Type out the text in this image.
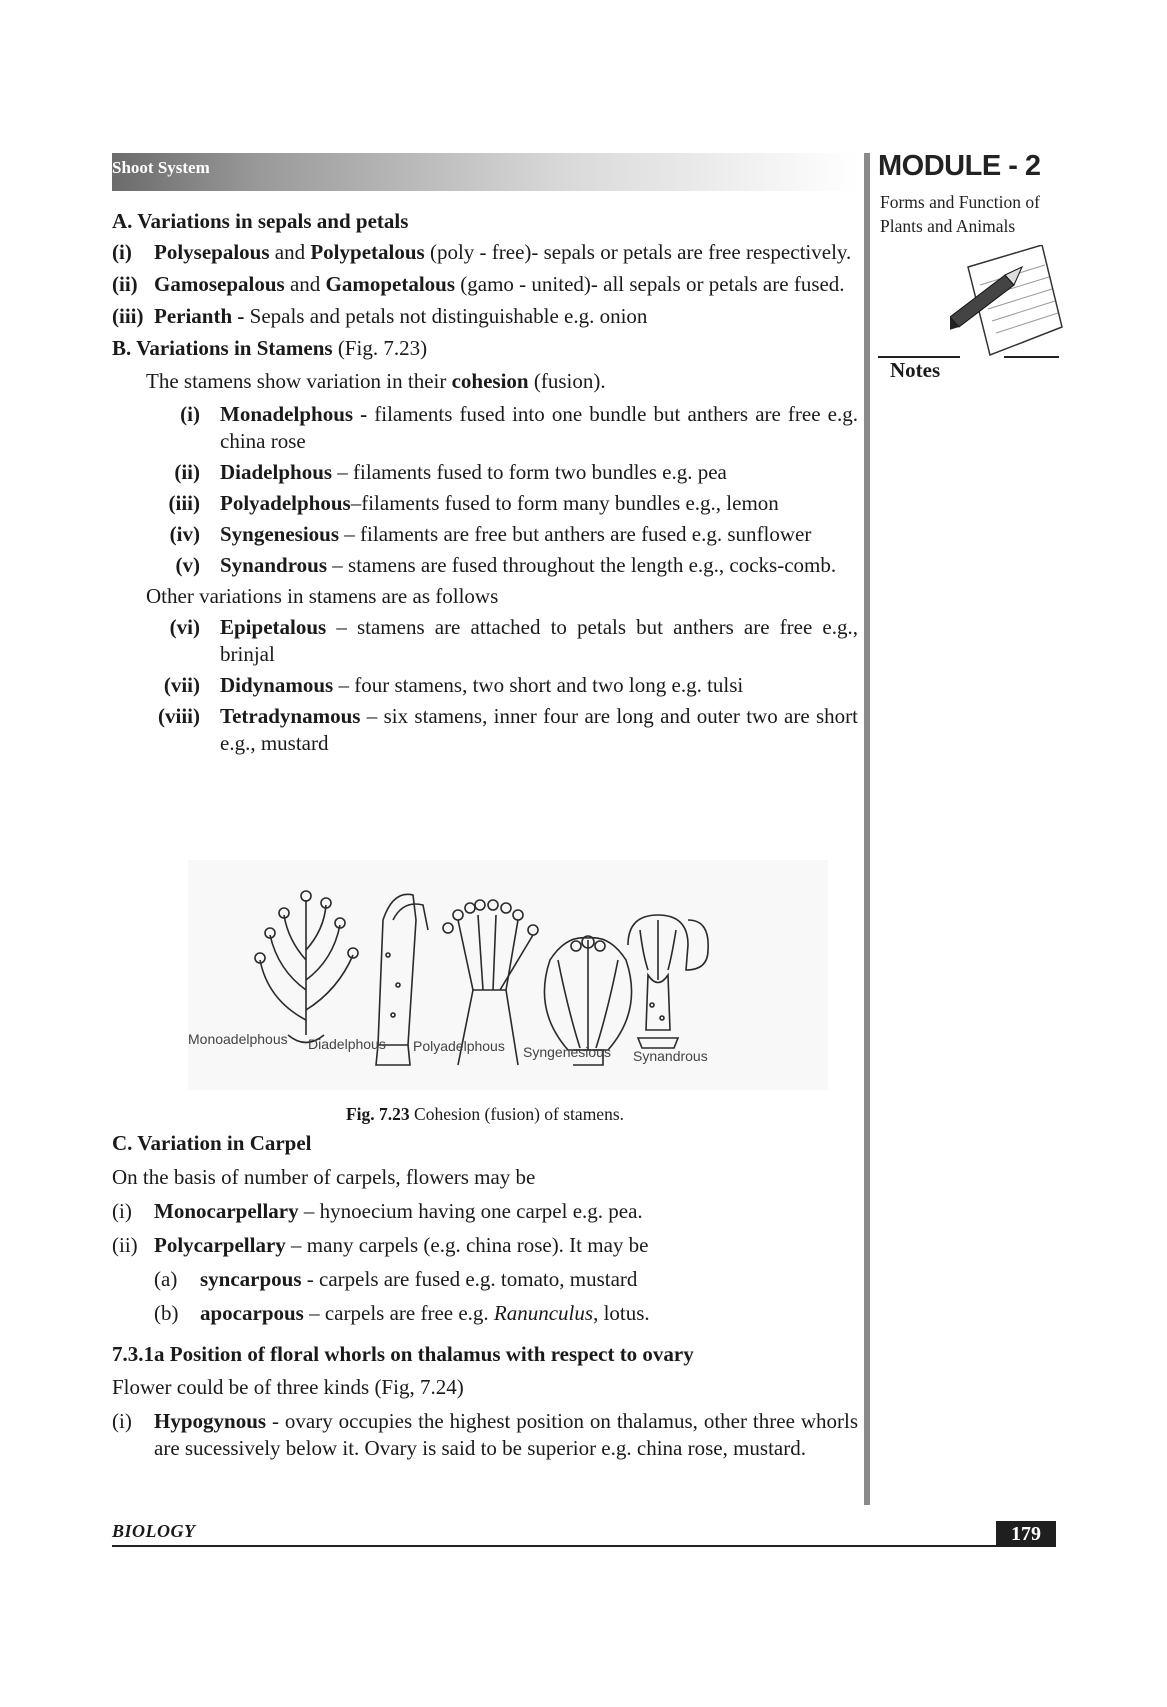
Shoot System	MODULE - 2
Forms and Function of Plants and Animals
Notes

A. Variations in sepals and petals

(i)	Polysepalous and Polypetalous (poly - free)- sepals or petals are free respectively.
(ii) Gamosepalous and Gamopetalous (gamo - united)- all sepals or petals are fused.
(iii) Perianth - Sepals and petals not distinguishable e.g. onion

B. Variations in Stamens (Fig. 7.23)

The stamens show variation in their cohesion (fusion).
(i) Monadelphous - filaments fused into one bundle but anthers are free e.g. china rose
(ii) Diadelphous – filaments fused to form two bundles e.g. pea
(iii) Polyadelphous–filaments fused to form many bundles e.g., lemon
(iv) Syngenesious – filaments are free but anthers are fused e.g. sunflower
(v) Synandrous – stamens are fused throughout the length e.g., cocks-comb.
Other variations in stamens are as follows
(vi) Epipetalous – stamens are attached to petals but anthers are free e.g., brinjal
(vii) Didynamous – four stamens, two short and two long e.g. tulsi
(viii) Tetradynamous – six stamens, inner four are long and outer two are short e.g., mustard
Monoadelphous Diadelphous Polyadelphous Syngenesious Synandrous
Fig. 7.23 Cohesion (fusion) of stamens.

C. Variation in Carpel

On the basis of number of carpels, flowers may be
(i)	Monocarpellary – hynoecium having one carpel e.g. pea.
(ii) Polycarpellary – many carpels (e.g. china rose). It may be
(a)	syncarpous - carpels are fused e.g. tomato, mustard
(b)	apocarpous – carpels are free e.g. Ranunculus, lotus.

7.3.1a Position of floral whorls on thalamus with respect to ovary

Flower could be of three kinds (Fig, 7.24)
(i)	Hypogynous - ovary occupies the highest position on thalamus, other three whorls are sucessively below it. Ovary is said to be superior e.g. china rose, mustard.
BIOLOGY	179
